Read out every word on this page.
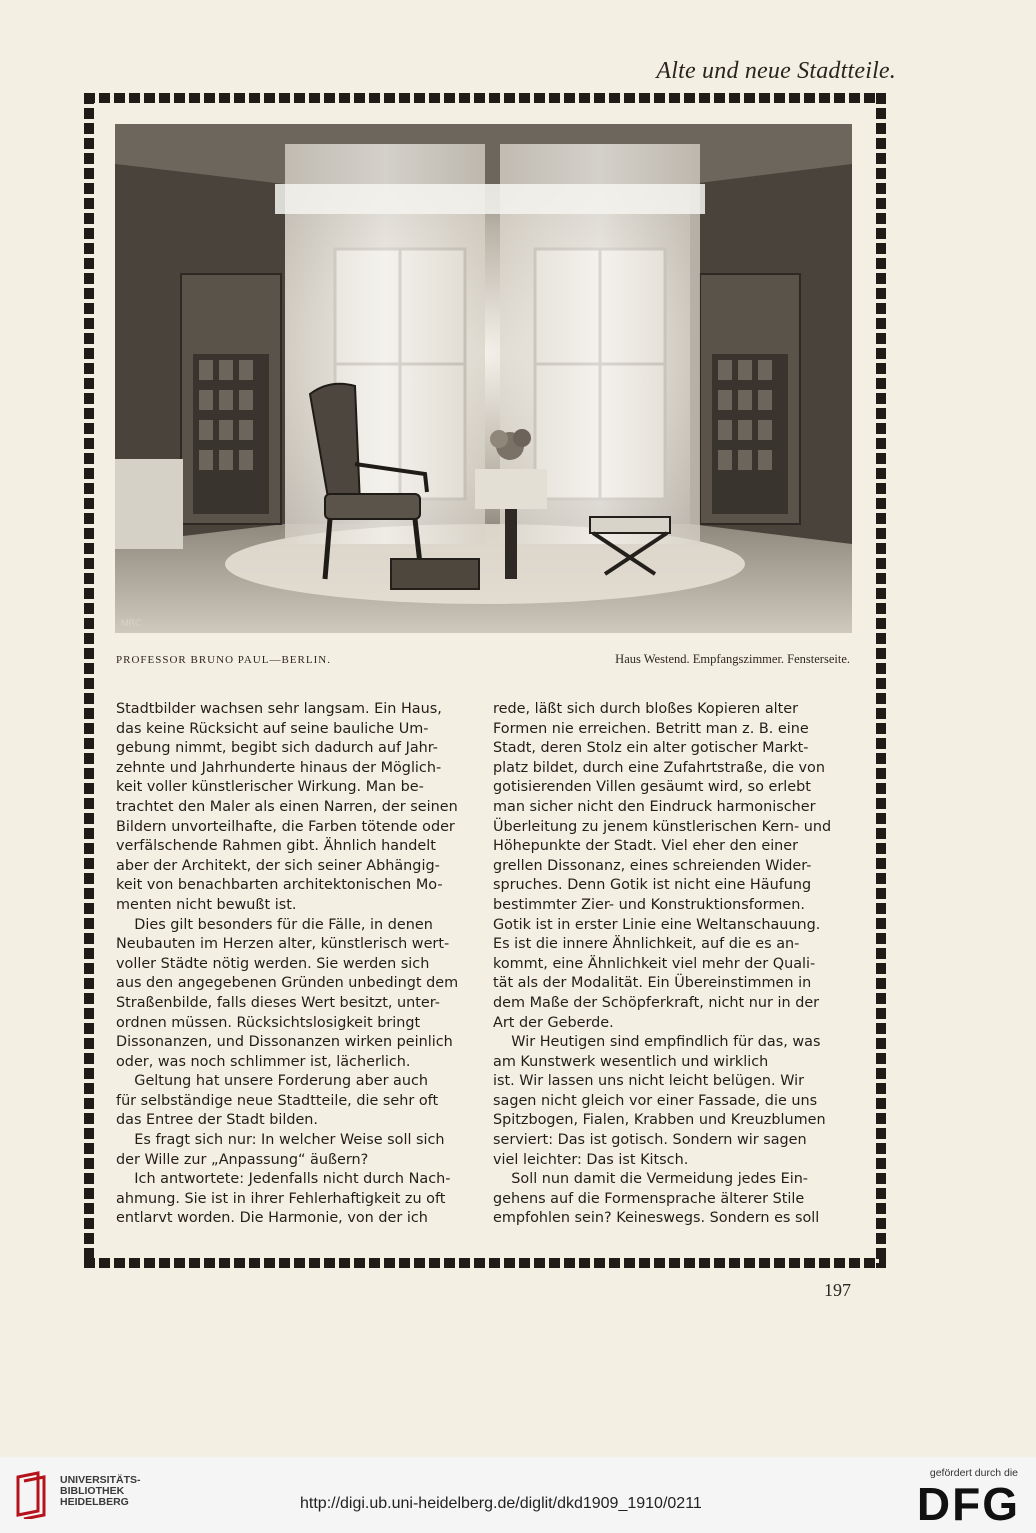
Alte und neue Stadtteile.
MRC
PROFESSOR BRUNO PAUL—BERLIN.	Haus Westend. Empfangszimmer. Fensterseite.
Stadtbilder wachsen sehr langsam. Ein Haus,
das keine Rücksicht auf seine bauliche Um-
gebung nimmt, begibt sich dadurch auf Jahr-
zehnte und Jahrhunderte hinaus der Möglich-
keit voller künstlerischer Wirkung. Man be-
trachtet den Maler als einen Narren, der seinen
Bildern unvorteilhafte, die Farben tötende oder
verfälschende Rahmen gibt. Ähnlich handelt
aber der Architekt, der sich seiner Abhängig-
keit von benachbarten architektonischen Mo-
menten nicht bewußt ist.
Dies gilt besonders für die Fälle, in denen
Neubauten im Herzen alter, künstlerisch wert-
voller Städte nötig werden. Sie werden sich
aus den angegebenen Gründen unbedingt dem
Straßenbilde, falls dieses Wert besitzt, unter-
ordnen müssen. Rücksichtslosigkeit bringt
Dissonanzen, und Dissonanzen wirken peinlich
oder, was noch schlimmer ist, lächerlich.
Geltung hat unsere Forderung aber auch
für selbständige neue Stadtteile, die sehr oft
das Entree der Stadt bilden.
Es fragt sich nur: In welcher Weise soll sich
der Wille zur „Anpassung“ äußern?
Ich antwortete: Jedenfalls nicht durch Nach-
ahmung. Sie ist in ihrer Fehlerhaftigkeit zu oft
entlarvt worden. Die Harmonie, von der ich
rede, läßt sich durch bloßes Kopieren alter
Formen nie erreichen. Betritt man z. B. eine
Stadt, deren Stolz ein alter gotischer Markt-
platz bildet, durch eine Zufahrtstraße, die von
gotisierenden Villen gesäumt wird, so erlebt
man sicher nicht den Eindruck harmonischer
Überleitung zu jenem künstlerischen Kern- und
Höhepunkte der Stadt. Viel eher den einer
grellen Dissonanz, eines schreienden Wider-
spruches. Denn Gotik ist nicht eine Häufung
bestimmter Zier- und Konstruktionsformen.
Gotik ist in erster Linie eine Weltanschauung.
Es ist die innere Ähnlichkeit, auf die es an-
kommt, eine Ähnlichkeit viel mehr der Quali-
tät als der Modalität. Ein Übereinstimmen in
dem Maße der Schöpferkraft, nicht nur in der
Art der Geberde.
Wir Heutigen sind empfindlich für das, was
am Kunstwerk wesentlich und wirklich
ist. Wir lassen uns nicht leicht belügen. Wir
sagen nicht gleich vor einer Fassade, die uns
Spitzbogen, Fialen, Krabben und Kreuzblumen
serviert: Das ist gotisch. Sondern wir sagen
viel leichter: Das ist Kitsch.
Soll nun damit die Vermeidung jedes Ein-
gehens auf die Formensprache älterer Stile
empfohlen sein? Keineswegs. Sondern es soll
197
UNIVERSITÄTS-
BIBLIOTHEK
HEIDELBERG	http://digi.ub.uni-heidelberg.de/diglit/dkd1909_1910/0211
gefördert durch die
DFG
